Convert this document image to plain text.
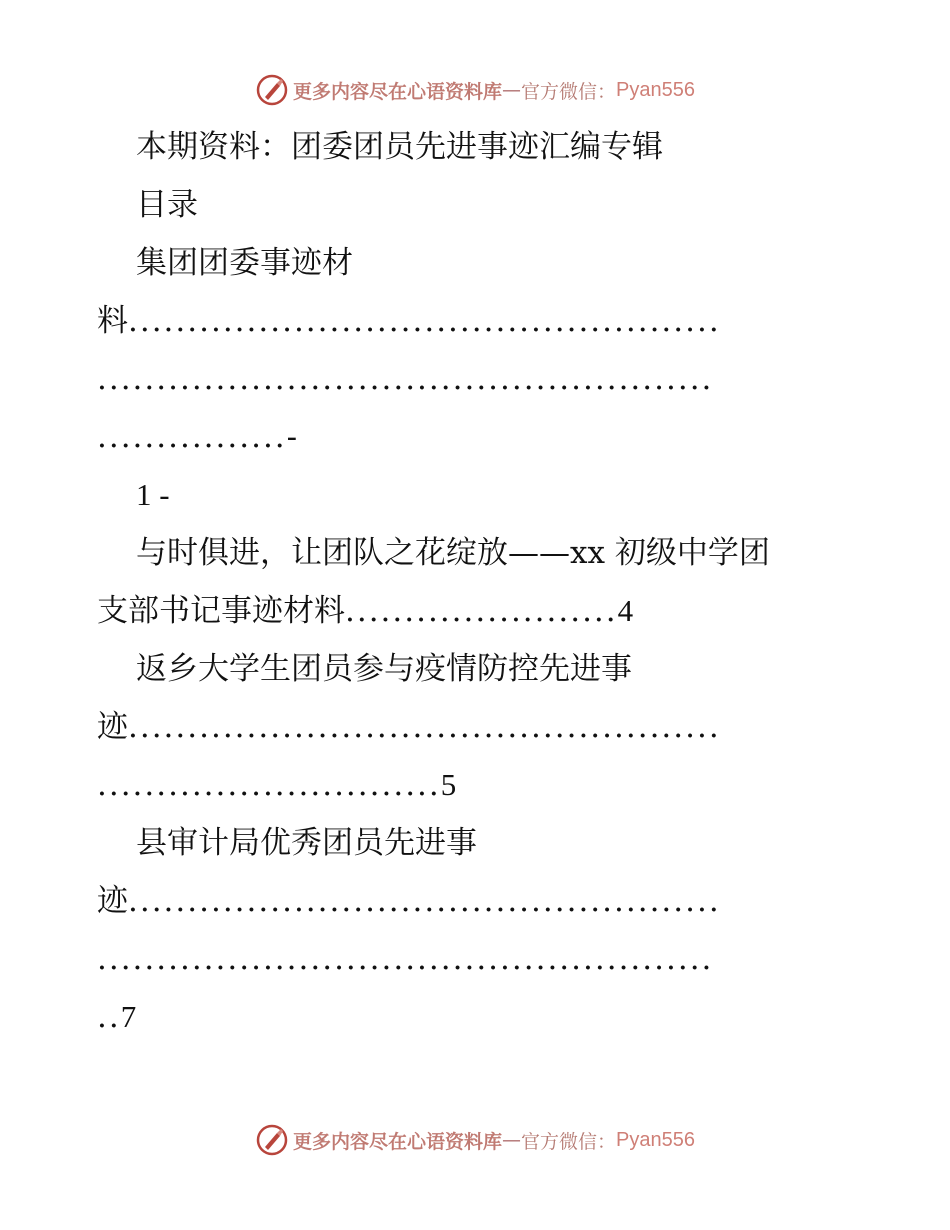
更多内容尽在心语资料库 — 官方微信： Pyan556
本期资料：团委团员先进事迹汇编专辑
目录
集团团委事迹材
料..................................................
....................................................
................-
1 -
与时俱进，让团队之花绽放——xx 初级中学团
支部书记事迹材料.......................4
返乡大学生团员参与疫情防控先进事
迹..................................................
.............................5
县审计局优秀团员先进事
迹..................................................
....................................................
..7
更多内容尽在心语资料库 — 官方微信： Pyan556
